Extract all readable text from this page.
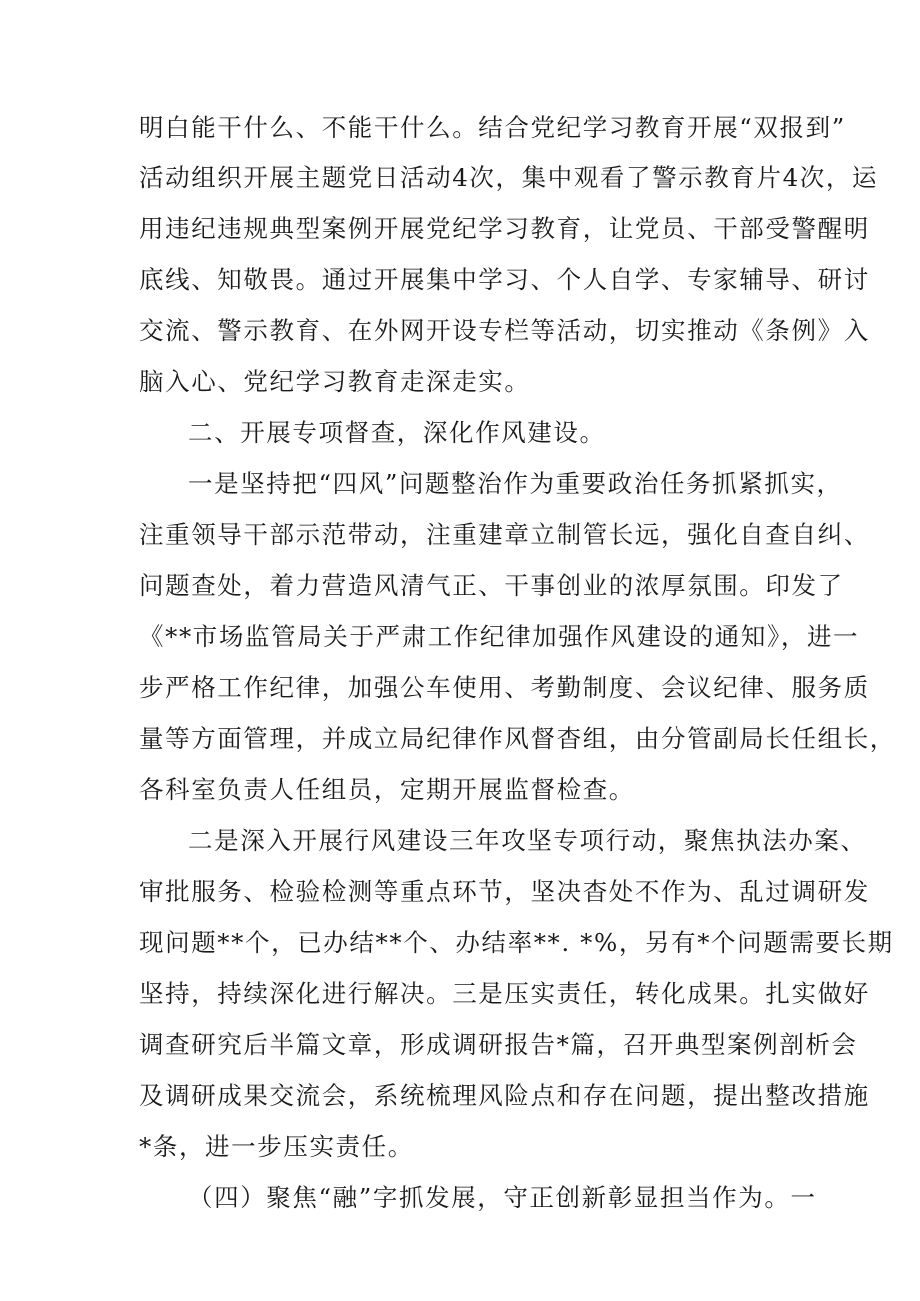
明白能干什么、不能干什么。结合党纪学习教育开展“双报到”
活动组织开展主题党日活动4次，集中观看了警示教育片4次，运
用违纪违规典型案例开展党纪学习教育，让党员、干部受警醒明
底线、知敬畏。通过开展集中学习、个人自学、专家辅导、研讨
交流、警示教育、在外网开设专栏等活动，切实推动《条例》入
脑入心、党纪学习教育走深走实。
二、开展专项督查，深化作风建设。
一是坚持把“四风”问题整治作为重要政治任务抓紧抓实，
注重领导干部示范带动，注重建章立制管长远，强化自查自纠、
问题查处，着力营造风清气正、干事创业的浓厚氛围。印发了
《**市场监管局关于严肃工作纪律加强作风建设的通知》，进一
步严格工作纪律，加强公车使用、考勤制度、会议纪律、服务质
量等方面管理，并成立局纪律作风督杳组，由分管副局长任组长，
各科室负责人任组员，定期开展监督检查。
二是深入开展行风建设三年攻坚专项行动，聚焦执法办案、
审批服务、检验检测等重点环节，坚决杳处不作为、乱过调研发
现问题**个，已办结**个、办结率**. *%，另有*个问题需要长期
坚持，持续深化进行解决。三是压实责任，转化成果。扎实做好
调查研究后半篇文章，形成调研报告*篇，召开典型案例剖析会
及调研成果交流会，系统梳理风险点和存在问题，提出整改措施
*条，进一步压实责任。
（四）聚焦“融”字抓发展，守正创新彰显担当作为。一
